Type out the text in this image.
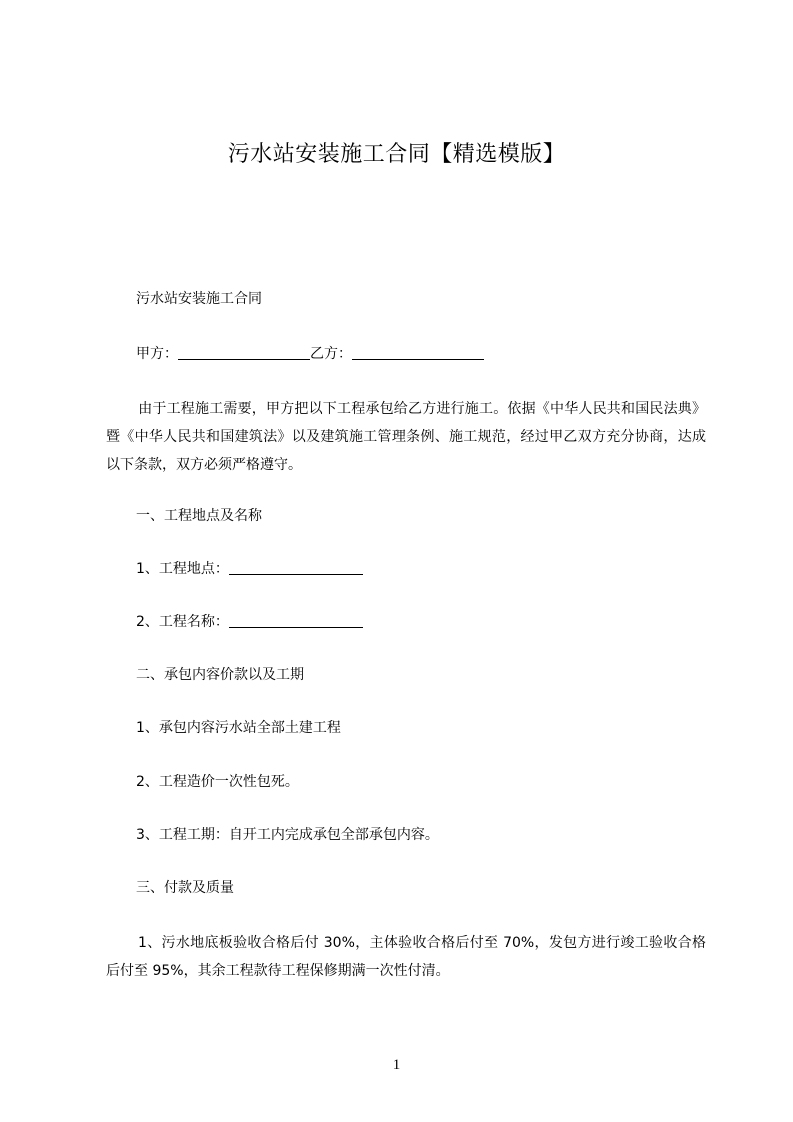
污水站安装施工合同【精选模版】
污水站安装施工合同
甲方：	乙方：
由于工程施工需要，甲方把以下工程承包给乙方进行施工。依据《中华人民共和国民法典》暨《中华人民共和国建筑法》以及建筑施工管理条例、施工规范，经过甲乙双方充分协商，达成以下条款，双方必须严格遵守。
一、工程地点及名称
1、工程地点：
2、工程名称：
二、承包内容价款以及工期
1、承包内容污水站全部土建工程
2、工程造价一次性包死。
3、工程工期：自开工内完成承包全部承包内容。
三、付款及质量
1、污水地底板验收合格后付 30%，主体验收合格后付至 70%，发包方进行竣工验收合格后付至 95%，其余工程款待工程保修期满一次性付清。
1
